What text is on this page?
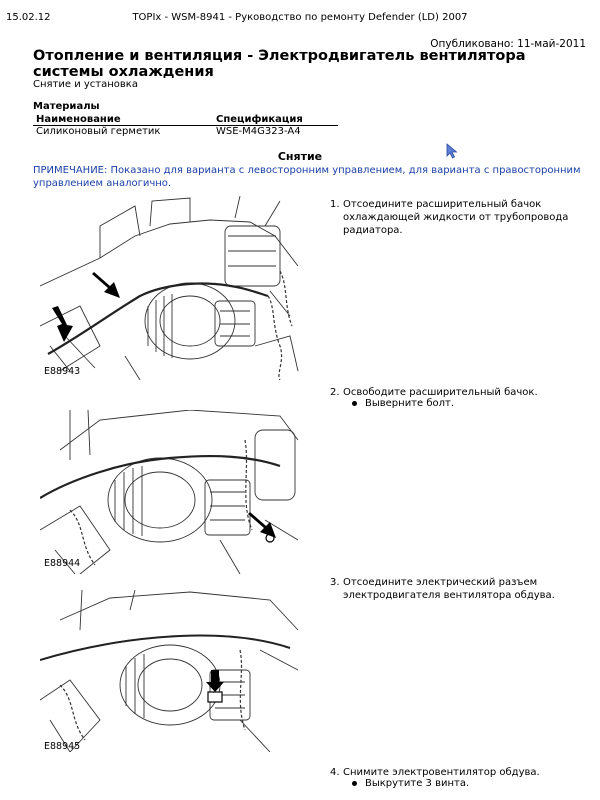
15.02.12	TOPIx - WSM-8941 - Руководство по ремонту Defender (LD) 2007
Опубликовано: 11-май-2011
Отопление и вентиляция - Электродвигатель вентилятора системы охлаждения
Снятие и установка
Материалы
Наименование	Спецификация
Силиконовый герметик	WSE-M4G323-A4
Снятие
ПРИМЕЧАНИЕ: Показано для варианта с левосторонним управлением, для варианта с правосторонним управлением аналогично.
E88943
E88944
E88945
1. Отсоедините расширительный бачок охлаждающей жидкости от трубопровода радиатора.
2. Освободите расширительный бачок.
Выверните болт.
3. Отсоедините электрический разъем электродвигателя вентилятора обдува.
4. Снимите электровентилятор обдува.
Выкрутите 3 винта.
